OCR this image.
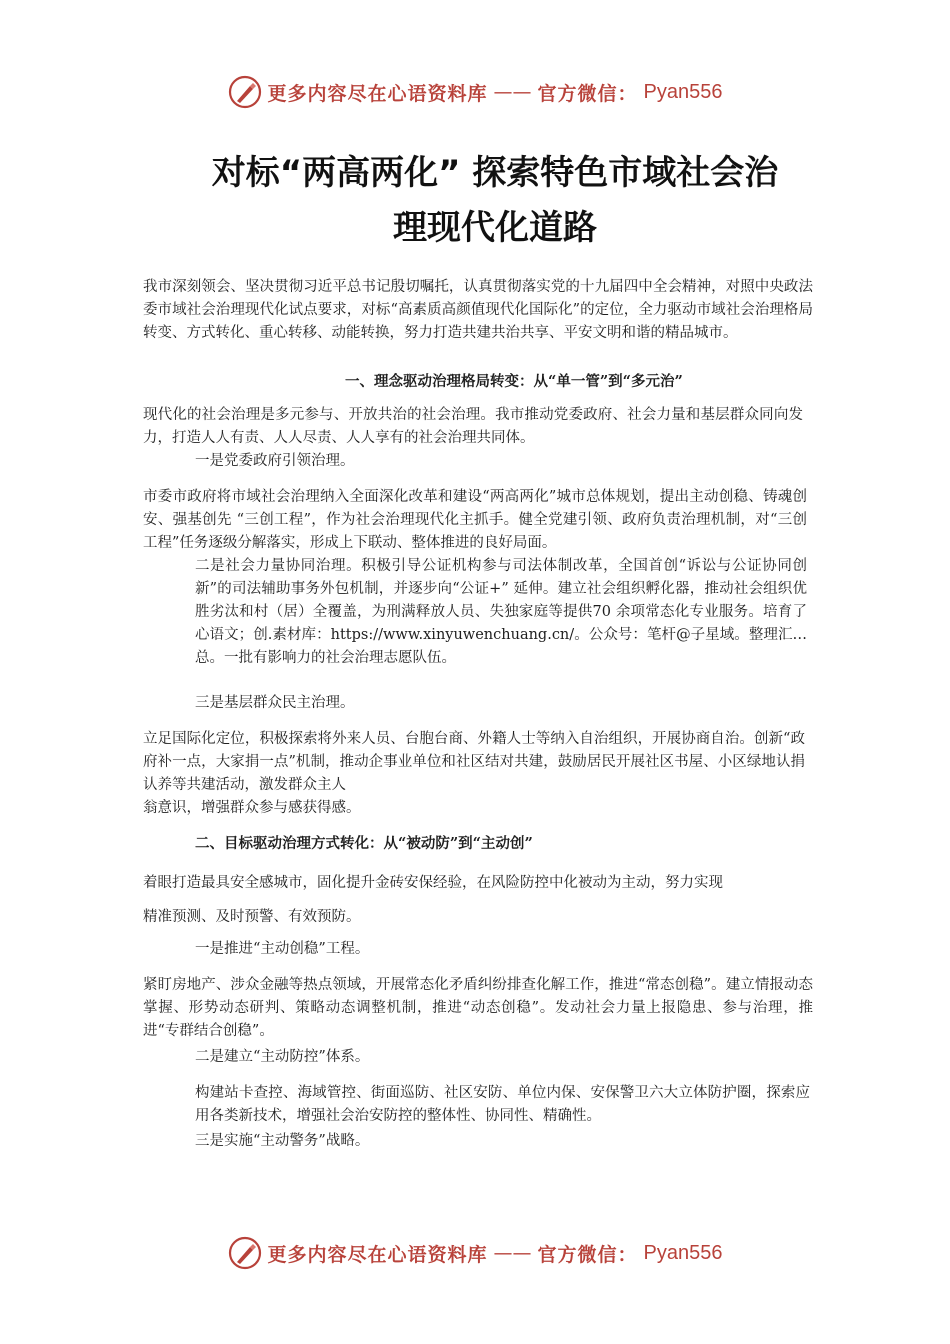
更多内容尽在心语资料库 —— 官方微信： Pyan556
对标“两高两化” 探索特色市域社会治
理现代化道路

我市深刻领会、坚决贯彻习近平总书记殷切嘱托，认真贯彻落实党的十九届四中全会精神，对照中央政法委市域社会治理现代化试点要求，对标“高素质高颜值现代化国际化”的定位，全力驱动市域社会治理格局转变、方式转化、重心转移、动能转换，努力打造共建共治共享、平安文明和谐的精品城市。

一、理念驱动治理格局转变：从“单一管”到“多元治”

现代化的社会治理是多元参与、开放共治的社会治理。我市推动党委政府、社会力量和基层群众同向发力，打造人人有责、人人尽责、人人享有的社会治理共同体。

一是党委政府引领治理。

市委市政府将市域社会治理纳入全面深化改革和建设“两高两化”城市总体规划，提出主动创稳、铸魂创安、强基创先 “三创工程”，作为社会治理现代化主抓手。健全党建引领、政府负责治理机制，对“三创工程”任务逐级分解落实，形成上下联动、整体推进的良好局面。

二是社会力量协同治理。积极引导公证机构参与司法体制改革，全国首创“诉讼与公证协同创新”的司法辅助事务外包机制，并逐步向“公证+” 延伸。建立社会组织孵化器，推动社会组织优胜劣汰和村（居）全覆盖，为刑满释放人员、失独家庭等提供70 余项常态化专业服务。培育了心语文；创.素材库：https://www.xinyuwenchuang.cn/。公众号：笔杆@子星域。整理汇…总。一批有影响力的社会治理志愿队伍。

三是基层群众民主治理。

立足国际化定位，积极探索将外来人员、台胞台商、外籍人士等纳入自治组织，开展协商自治。创新“政府补一点，大家捐一点”机制，推动企事业单位和社区结对共建，鼓励居民开展社区书屋、小区绿地认捐认养等共建活动，激发群众主人

翁意识，增强群众参与感获得感。

二、目标驱动治理方式转化：从“被动防”到“主动创”

着眼打造最具安全感城市，固化提升金砖安保经验，在风险防控中化被动为主动，努力实现

精准预测、及时预警、有效预防。

一是推进“主动创稳”工程。

紧盯房地产、涉众金融等热点领域，开展常态化矛盾纠纷排查化解工作，推进“常态创稳”。建立情报动态掌握、形势动态研判、策略动态调整机制，推进“动态创稳”。发动社会力量上报隐患、参与治理，推进“专群结合创稳”。

二是建立“主动防控”体系。

构建站卡查控、海域管控、街面巡防、社区安防、单位内保、安保警卫六大立体防护圈，探索应用各类新技术，增强社会治安防控的整体性、协同性、精确性。

三是实施“主动警务”战略。

更多内容尽在心语资料库 —— 官方微信： Pyan556
